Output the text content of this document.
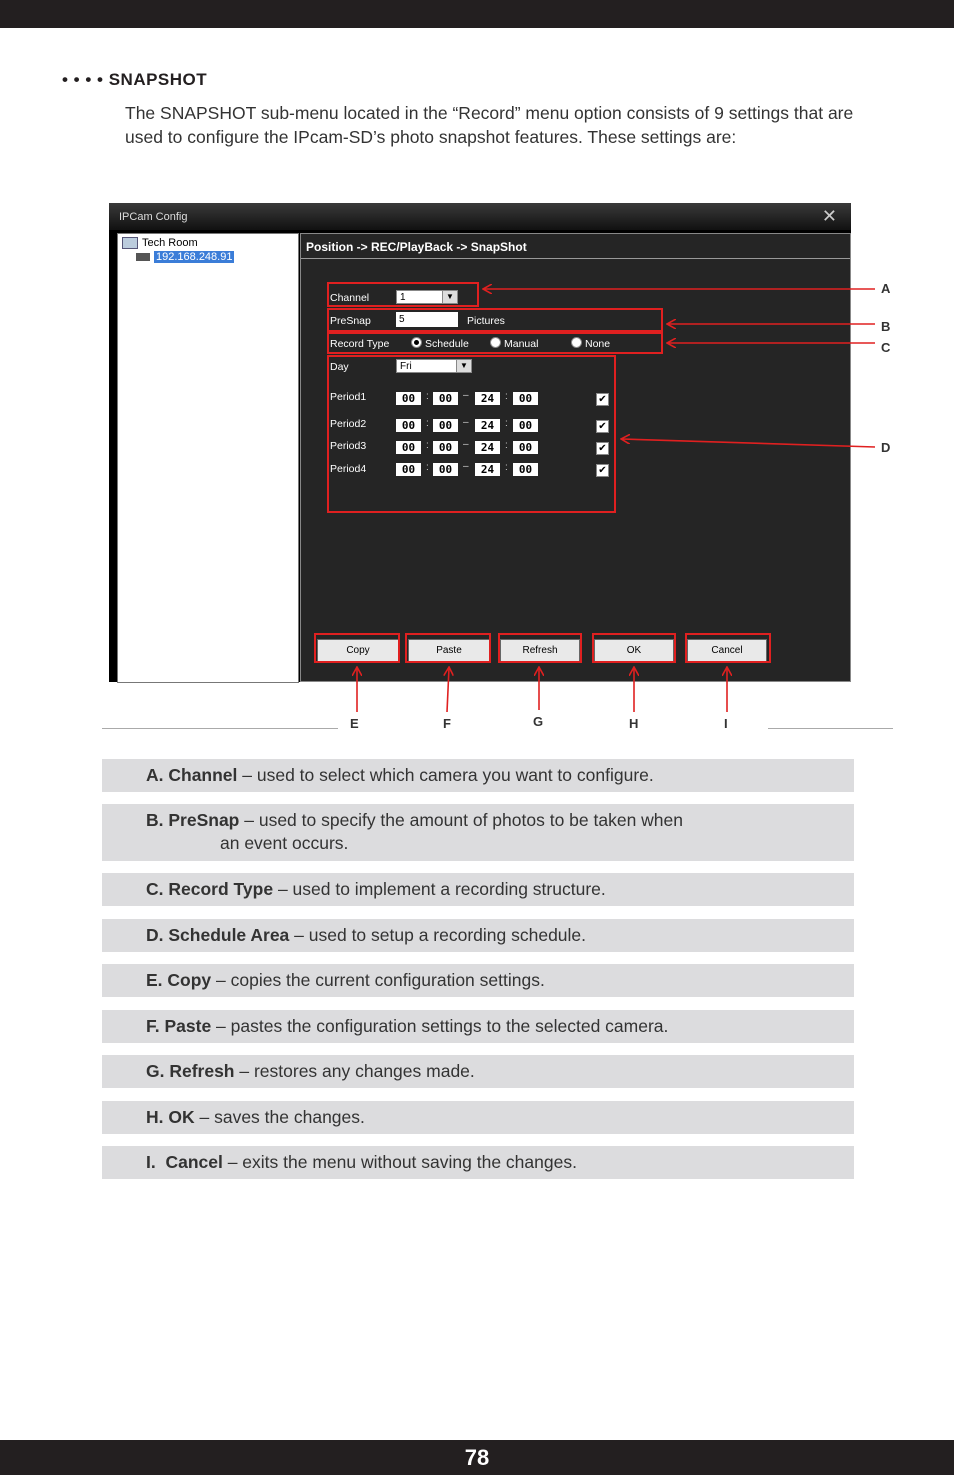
• • • • SNAPSHOT
The SNAPSHOT sub-menu located in the “Record” menu option consists of 9 settings that are used to configure the IPcam-SD’s photo snapshot features. These settings are:
IPCam Config	✕
Tech Room
192.168.248.91
Position -> REC/PlayBack -> SnapShot
Channel	1	▼
PreSnap	5	Pictures
Record Type	Schedule	Manual	None
Day	Fri	▼
Period1	00	: 00	–	24	:	00	✔
Period2	00	: 00	–	24	:	00	✔
Period3	00	: 00	–	24	:	00	✔
Period4	00	: 00	–	24	:	00	✔
Copy	Paste	Refresh	OK	Cancel
A
B
C
D
E	F	G	H	I
A. Channel – used to select which camera you want to configure.
B. PreSnap – used to specify the amount of photos to be taken when
an event occurs.
C. Record Type – used to implement a recording structure.
D. Schedule Area – used to setup a recording schedule.
E. Copy – copies the current configuration settings.
F. Paste – pastes the configuration settings to the selected camera.
G. Refresh – restores any changes made.
H. OK – saves the changes.
I.  Cancel – exits the menu without saving the changes.
78
